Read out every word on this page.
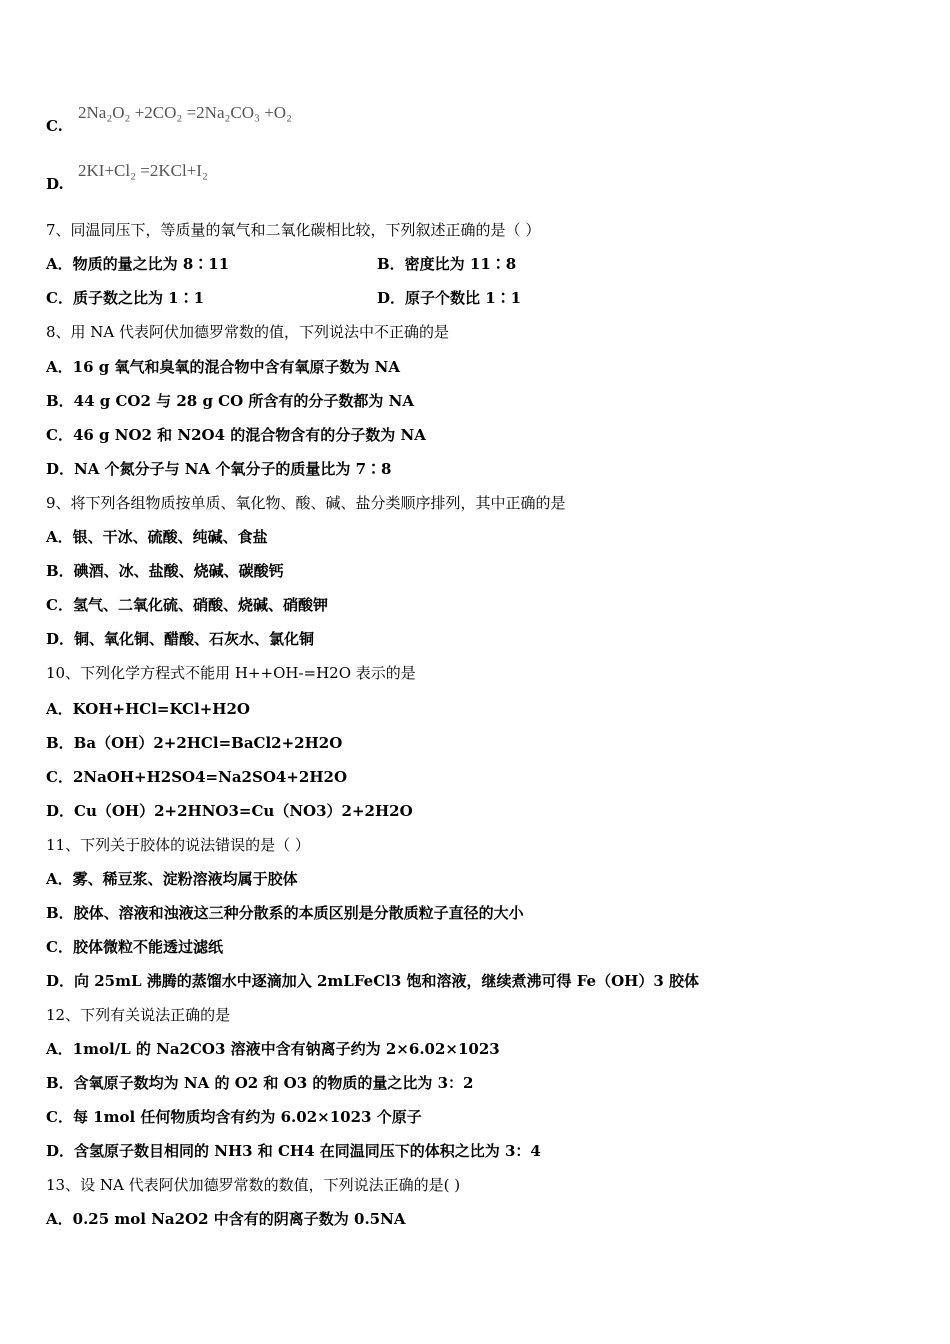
C.
2Na₂O₂ +2CO₂ =2Na₂CO₃ +O₂
D.
2KI+Cl₂ =2KCl+I₂
7、同温同压下，等质量的氧气和二氧化碳相比较，下列叙述正确的是（ ）
A．物质的量之比为 8∶11	B．密度比为 11∶8
C．质子数之比为 1∶1	D．原子个数比 1∶1
8、用 NA 代表阿伏加德罗常数的值，下列说法中不正确的是
A．16 g 氧气和臭氧的混合物中含有氧原子数为 NA
B．44 g CO2 与 28 g CO 所含有的分子数都为 NA
C．46 g NO2 和 N2O4 的混合物含有的分子数为 NA
D．NA 个氮分子与 NA 个氧分子的质量比为 7∶8
9、将下列各组物质按单质、氧化物、酸、碱、盐分类顺序排列，其中正确的是
A．银、干冰、硫酸、纯碱、食盐
B．碘酒、冰、盐酸、烧碱、碳酸钙
C．氢气、二氧化硫、硝酸、烧碱、硝酸钾
D．铜、氧化铜、醋酸、石灰水、氯化铜
10、下列化学方程式不能用 H++OH-=H2O 表示的是
A．KOH+HCl=KCl+H2O
B．Ba（OH）2+2HCl=BaCl2+2H2O
C．2NaOH+H2SO4=Na2SO4+2H2O
D．Cu（OH）2+2HNO3=Cu（NO3）2+2H2O
11、下列关于胶体的说法错误的是（ ）
A．雾、稀豆浆、淀粉溶液均属于胶体
B．胶体、溶液和浊液这三种分散系的本质区别是分散质粒子直径的大小
C．胶体微粒不能透过滤纸
D．向 25mL 沸腾的蒸馏水中逐滴加入 2mLFeCl3 饱和溶液，继续煮沸可得 Fe（OH）3 胶体
12、下列有关说法正确的是
A．1mol/L 的 Na2CO3 溶液中含有钠离子约为 2×6.02×1023
B．含氧原子数均为 NA 的 O2 和 O3 的物质的量之比为 3：2
C．每 1mol 任何物质均含有约为 6.02×1023 个原子
D．含氢原子数目相同的 NH3 和 CH4 在同温同压下的体积之比为 3：4
13、设 NA 代表阿伏加德罗常数的数值，下列说法正确的是( )
A．0.25 mol Na2O2 中含有的阴离子数为 0.5NA
